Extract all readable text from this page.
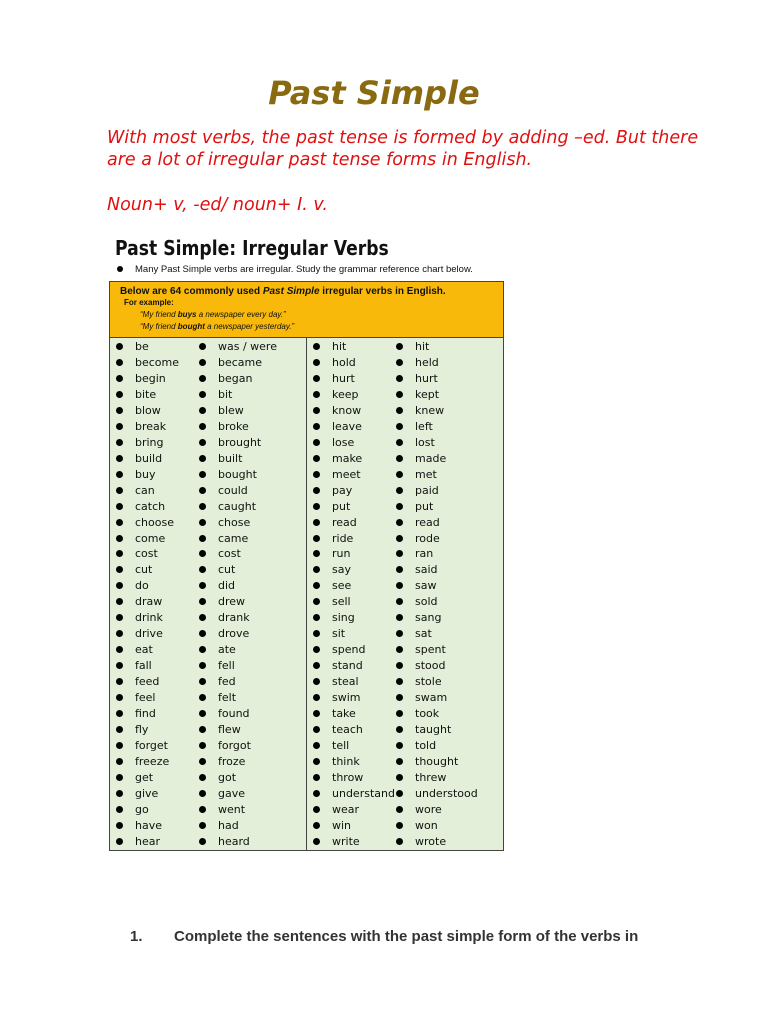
Past Simple

With most verbs, the past tense is formed by adding –ed. But there are a lot of irregular past tense forms in English.

Noun+ v, -ed/ noun+ I. v.

Past Simple: Irregular Verbs
Many Past Simple verbs are irregular. Study the grammar reference chart below.
Below are 64 commonly used Past Simple irregular verbs in English.
For example:
“My friend buys a newspaper every day.”
“My friend bought a newspaper yesterday.”
be	was / were
become	became
begin	began
bite	bit
blow	blew
break	broke
bring	brought
build	built
buy	bought
can	could
catch	caught
choose	chose
come	came
cost	cost
cut	cut
do	did
draw	drew
drink	drank
drive	drove
eat	ate
fall	fell
feed	fed
feel	felt
find	found
fly	flew
forget	forgot
freeze	froze
get	got
give	gave
go	went
have	had
hear	heard
hit	hit
hold	held
hurt	hurt
keep	kept
know	knew
leave	left
lose	lost
make	made
meet	met
pay	paid
put	put
read	read
ride	rode
run	ran
say	said
see	saw
sell	sold
sing	sang
sit	sat
spend	spent
stand	stood
steal	stole
swim	swam
take	took
teach	taught
tell	told
think	thought
throw	threw
understand understood
wear	wore
win	won
write	wrote
1. Complete the sentences with the past simple form of the verbs in
